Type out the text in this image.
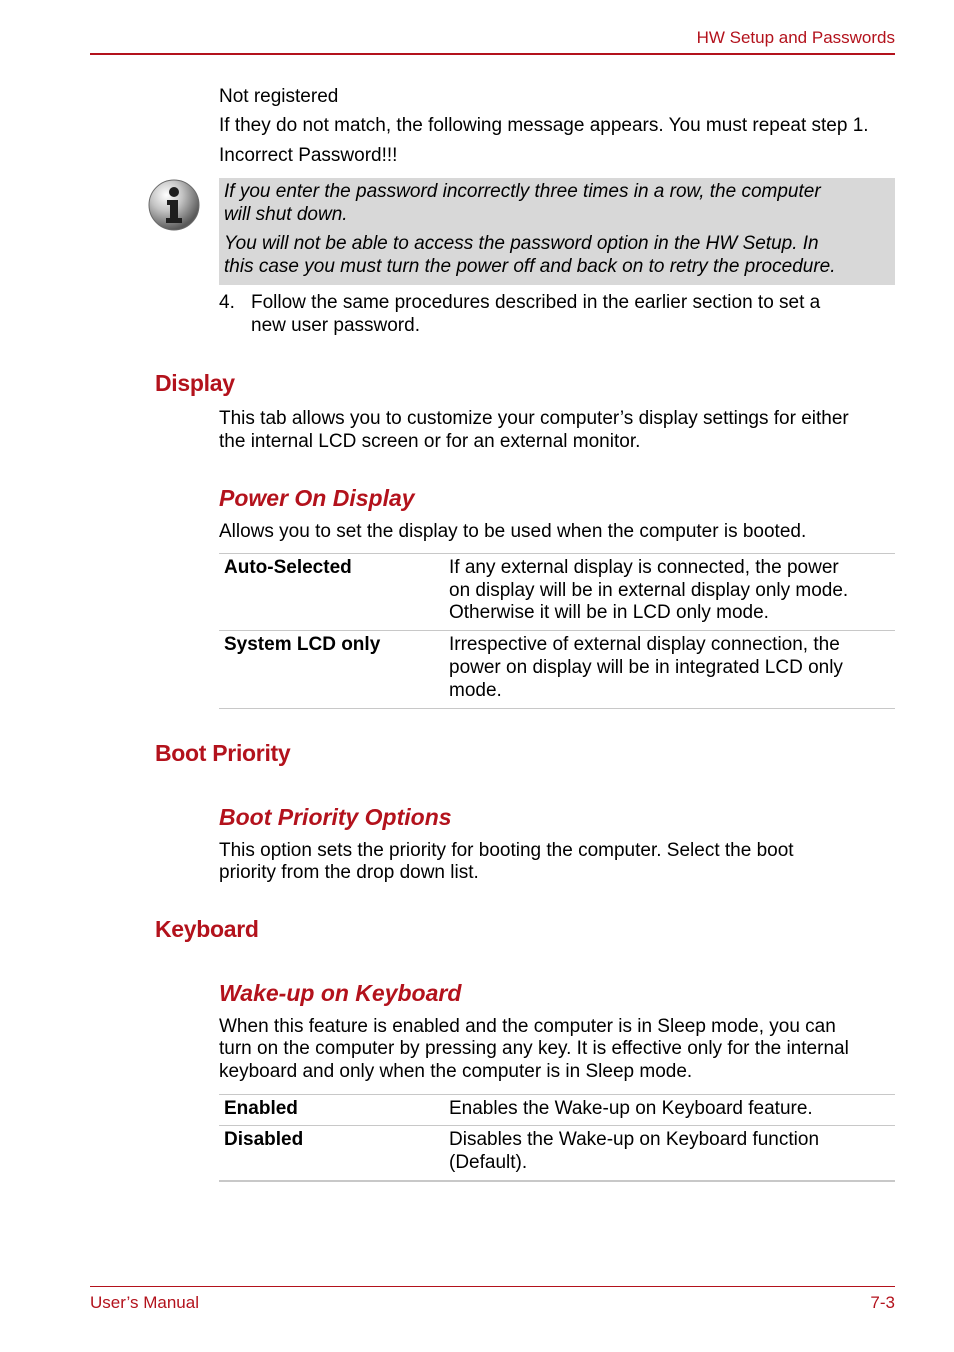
HW Setup and Passwords
Not registered
If they do not match, the following message appears. You must repeat step 1.
Incorrect Password!!!
If you enter the password incorrectly three times in a row, the computer
will shut down.
You will not be able to access the password option in the HW Setup. In
this case you must turn the power off and back on to retry the procedure.
4. Follow the same procedures described in the earlier section to set a
new user password.
Display
This tab allows you to customize your computer’s display settings for either
the internal LCD screen or for an external monitor.
Power On Display
Allows you to set the display to be used when the computer is booted.
Auto-Selected	If any external display is connected, the power
on display will be in external display only mode.
Otherwise it will be in LCD only mode.
System LCD only	Irrespective of external display connection, the
power on display will be in integrated LCD only
mode.
Boot Priority
Boot Priority Options
This option sets the priority for booting the computer. Select the boot
priority from the drop down list.
Keyboard
Wake-up on Keyboard
When this feature is enabled and the computer is in Sleep mode, you can
turn on the computer by pressing any key. It is effective only for the internal
keyboard and only when the computer is in Sleep mode.
Enabled	Enables the Wake-up on Keyboard feature.
Disabled	Disables the Wake-up on Keyboard function
(Default).
User’s Manual	7-3
